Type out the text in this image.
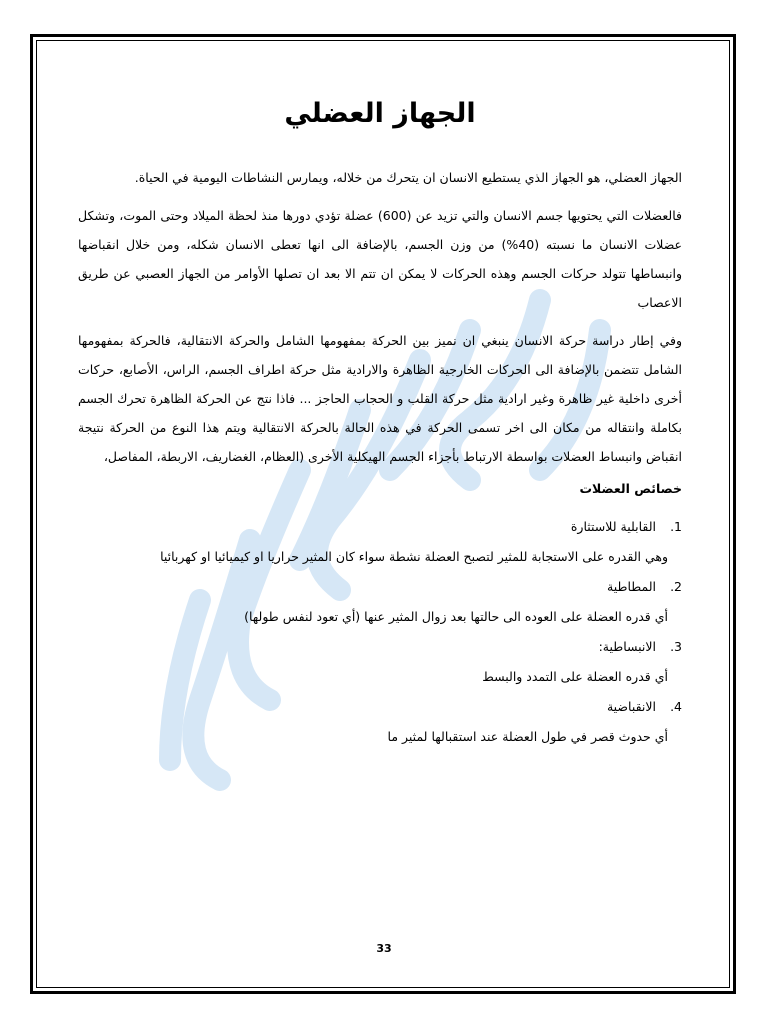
الجهاز العضلي

الجهاز العضلي، هو الجهاز الذي يستطيع الانسان ان يتحرك من خلاله، ويمارس النشاطات اليومية في الحياة.

فالعضلات التي يحتويها جسم الانسان والتي تزيد عن (600) عضلة تؤدي دورها منذ لحظة الميلاد وحتى الموت، وتشكل عضلات الانسان ما نسبته (40%) من وزن الجسم، بالإضافة الى انها تعطى الانسان شكله، ومن خلال انقباضها وانبساطها تتولد حركات الجسم وهذه الحركات لا يمكن ان تتم الا بعد ان تصلها الأوامر من الجهاز العصبي عن طريق الاعصاب

وفي إطار دراسة حركة الانسان ينبغي ان نميز بين الحركة بمفهومها الشامل والحركة الانتقالية، فالحركة بمفهومها الشامل تتضمن بالإضافة الى الحركات الخارجية الظاهرة والارادية مثل حركة اطراف الجسم، الراس، الأصابع، حركات أخرى داخلية غير ظاهرة وغير ارادية مثل حركة القلب و الحجاب الحاجز ... فاذا نتج عن الحركة الظاهرة تحرك الجسم بكاملة وانتقاله من مكان الى اخر تسمى الحركة في هذه الحالة بالحركة الانتقالية ويتم هذا النوع من الحركة نتيجة انقباض وانبساط العضلات بواسطة الارتباط بأجزاء الجسم الهيكلية الأخرى (العظام، الغضاريف، الاربطة، المفاصل،

خصائص العضلات
1. القابلية للاستثارة
وهي القدره على الاستجابة للمثير لتصبح العضلة نشطة سواء كان المثير حراريا او كيميائيا او كهربائيا
2. المطاطية
أي قدره العضلة على العوده الى حالتها بعد زوال المثير عنها (أي تعود لنفس طولها)
3. الانبساطية:
أي قدره العضلة على التمدد والبسط
4. الانقباضية
أي حدوث قصر في طول العضلة عند استقبالها لمثير ما
33
